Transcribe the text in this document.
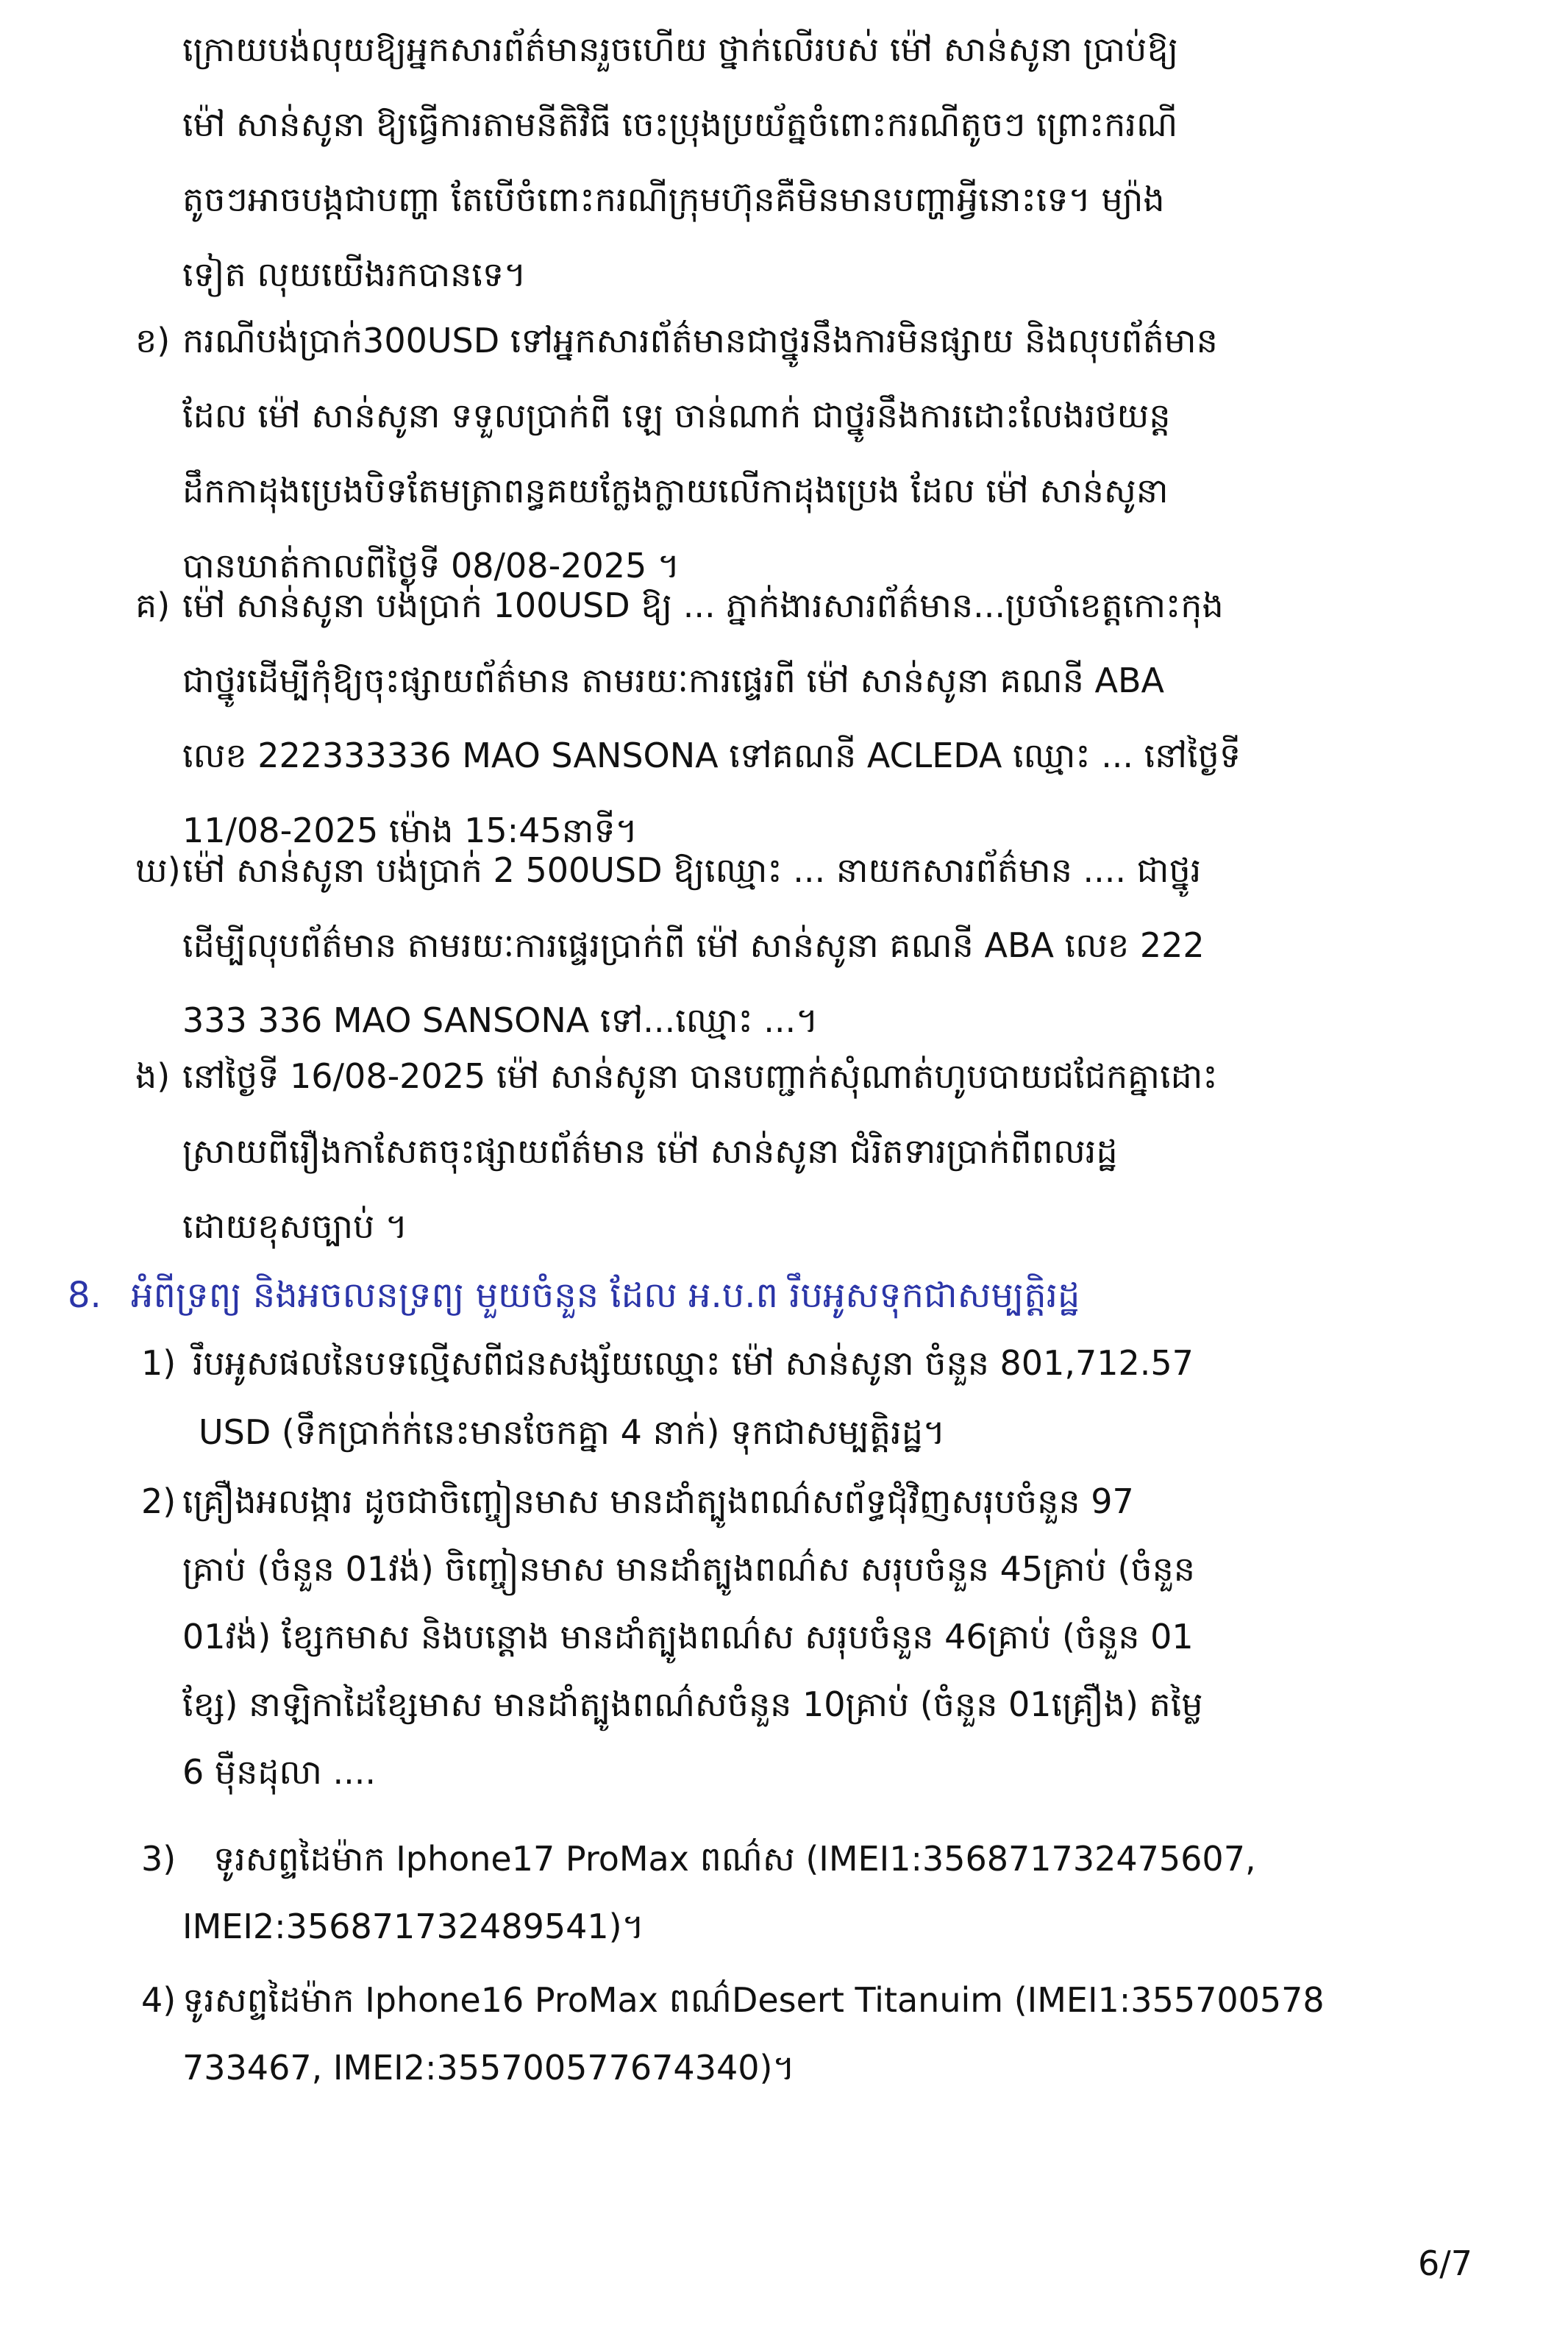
ក្រោយបង់លុយឱ្យអ្នកសារព័ត៌មានរួចហើយ ថ្នាក់លើរបស់ ម៉ៅ សាន់សូនា ប្រាប់ឱ្យ
ម៉ៅ សាន់សូនា ឱ្យធ្វើការតាមនីតិវិធី ចេះប្រុងប្រយ័ត្នចំពោះករណីតូចៗ ព្រោះករណី
តូចៗអាចបង្កជាបញ្ហា តែបើចំពោះករណីក្រុមហ៊ុនគឺមិនមានបញ្ហាអ្វីនោះទេ។ ម្យ៉ាង
ទៀត លុយយើងរកបានទេ។
ខ) ករណីបង់ប្រាក់300USD ទៅអ្នកសារព័ត៌មានជាថ្នូរនឹងការមិនផ្សាយ និងលុបព័ត៌មាន
ដែល ម៉ៅ សាន់សូនា ទទួលប្រាក់ពី ឡេ ចាន់ណាក់ ជាថ្នូរនឹងការដោះលែងរថយន្ត
ដឹកកាដុងប្រេងបិទតែមត្រាពន្ធគយក្លែងក្លាយលើកាដុងប្រេង ដែល ម៉ៅ សាន់សូនា
បានឃាត់កាលពីថ្ងៃទី 08/08-2025 ។
គ) ម៉ៅ សាន់សូនា បង់ប្រាក់ 100USD ឱ្យ ... ភ្នាក់ងារសារព័ត៌មាន...ប្រចាំខេត្តកោះកុង
ជាថ្នូរដើម្បីកុំឱ្យចុះផ្សាយព័ត៌មាន តាមរយៈការផ្ទេរពី ម៉ៅ សាន់សូនា គណនី ABA
លេខ 222333336 MAO SANSONA ទៅគណនី ACLEDA ឈ្មោះ ... នៅថ្ងៃទី
11/08-2025 ម៉ោង 15:45នាទី។
ឃ) ម៉ៅ សាន់សូនា បង់ប្រាក់ 2 500USD ឱ្យឈ្មោះ ... នាយកសារព័ត៌មាន .... ជាថ្នូរ
ដើម្បីលុបព័ត៌មាន តាមរយៈការផ្ទេរប្រាក់ពី ម៉ៅ សាន់សូនា គណនី ABA លេខ 222
333 336 MAO SANSONA ទៅ...ឈ្មោះ ...។
ង) នៅថ្ងៃទី 16/08-2025 ម៉ៅ សាន់សូនា បានបញ្ជាក់សុំណាត់ហូបបាយជជែកគ្នាដោះ
ស្រាយពីរឿងកាសែតចុះផ្សាយព័ត៌មាន ម៉ៅ សាន់សូនា ជំរិតទារប្រាក់ពីពលរដ្ឋ
ដោយខុសច្បាប់ ។
8. អំពីទ្រព្យ និងអចលនទ្រព្យ មួយចំនួន ដែល អ.ប.ព រឹបអូសទុកជាសម្បត្តិរដ្ឋ
1) រឹបអូសផលនៃបទល្មើសពីជនសង្ស័យឈ្មោះ ម៉ៅ សាន់សូនា ចំនួន 801,712.57
USD (ទឹកប្រាក់ក់នេះមានចែកគ្នា 4 នាក់) ទុកជាសម្បត្តិរដ្ឋ។
2) គ្រឿងអលង្ការ ដូចជាចិញ្ចៀនមាស មានដាំត្បូងពណ៌សព័ទ្ធជុំវិញសរុបចំនួន 97
គ្រាប់ (ចំនួន 01វង់) ចិញ្ចៀនមាស មានដាំត្បូងពណ៌ស សរុបចំនួន 45គ្រាប់ (ចំនួន
01វង់) ខ្សែកមាស និងបន្ដោង មានដាំត្បូងពណ៌ស សរុបចំនួន 46គ្រាប់ (ចំនួន 01
ខ្សែ) នាឡិកាដៃខ្សែមាស មានដាំត្បូងពណ៌សចំនួន 10គ្រាប់ (ចំនួន 01គ្រឿង) តម្លៃ
6 ម៉ឺនដុលា ....
3) ទូរសព្ទដៃម៉ាក Iphone17 ProMax ពណ៌ស (IMEI1:356871732475607,
IMEI2:356871732489541)។
4) ទូរសព្ទដៃម៉ាក Iphone16 ProMax ពណ៌Desert Titanuim (IMEI1:355700578
733467, IMEI2:355700577674340)។
6/7
